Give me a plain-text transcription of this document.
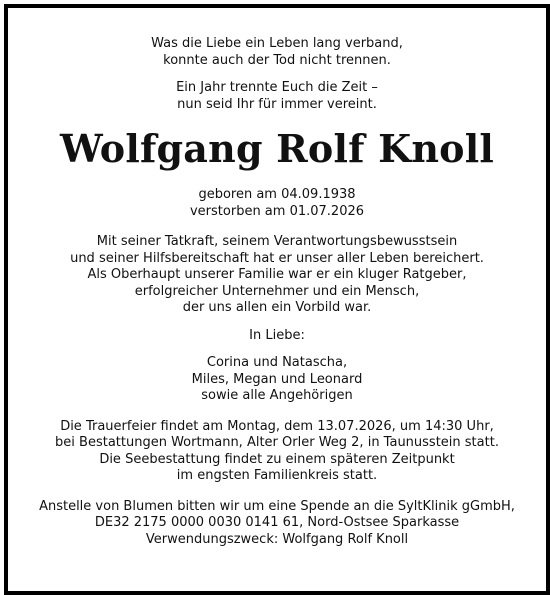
Was die Liebe ein Leben lang verband,
konnte auch der Tod nicht trennen.
Ein Jahr trennte Euch die Zeit –
nun seid Ihr für immer vereint.
Wolfgang Rolf Knoll
geboren am 04.09.1938
verstorben am 01.07.2026
Mit seiner Tatkraft, seinem Verantwortungsbewusstsein
und seiner Hilfsbereitschaft hat er unser aller Leben bereichert.
Als Oberhaupt unserer Familie war er ein kluger Ratgeber,
erfolgreicher Unternehmer und ein Mensch,
der uns allen ein Vorbild war.
In Liebe:
Corina und Natascha,
Miles, Megan und Leonard
sowie alle Angehörigen
Die Trauerfeier findet am Montag, dem 13.07.2026, um 14:30 Uhr,
bei Bestattungen Wortmann, Alter Orler Weg 2, in Taunusstein statt.
Die Seebestattung findet zu einem späteren Zeitpunkt
im engsten Familienkreis statt.
Anstelle von Blumen bitten wir um eine Spende an die SyltKlinik gGmbH,
DE32 2175 0000 0030 0141 61, Nord-Ostsee Sparkasse
Verwendungszweck: Wolfgang Rolf Knoll
